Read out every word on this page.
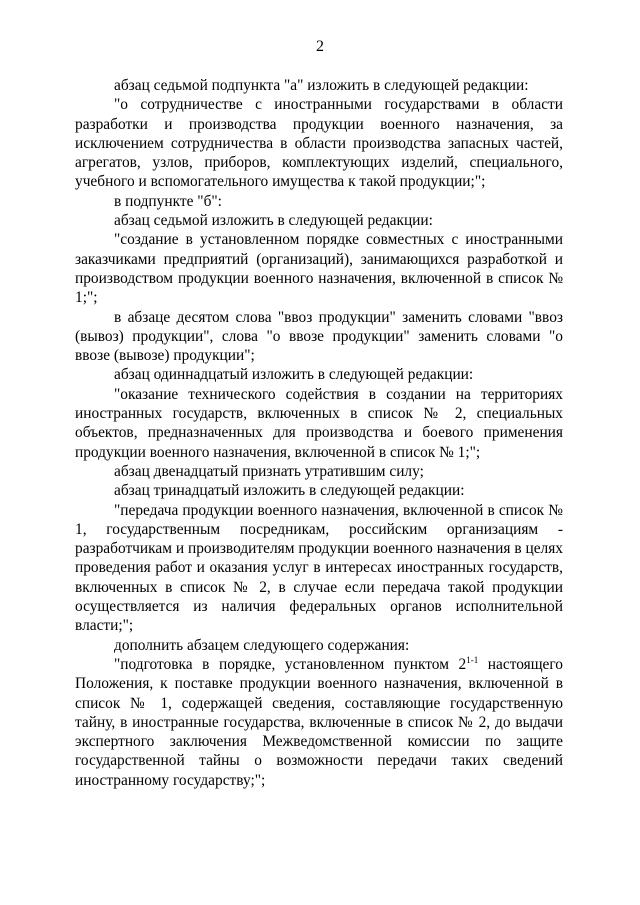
2

абзац седьмой подпункта "а" изложить в следующей редакции:

"о сотрудничестве с иностранными государствами в области разработки и производства продукции военного назначения, за исключением сотрудничества в области производства запасных частей, агрегатов, узлов, приборов, комплектующих изделий, специального, учебного и вспомогательного имущества к такой продукции;";

в подпункте "б":

абзац седьмой изложить в следующей редакции:

"создание в установленном порядке совместных с иностранными заказчиками предприятий (организаций), занимающихся разработкой и производством продукции военного назначения, включенной в список № 1;";

в абзаце десятом слова "ввоз продукции" заменить словами "ввоз (вывоз) продукции", слова "о ввозе продукции" заменить словами "о ввозе (вывозе) продукции";

абзац одиннадцатый изложить в следующей редакции:

"оказание технического содействия в создании на территориях иностранных государств, включенных в список № 2, специальных объектов, предназначенных для производства и боевого применения продукции военного назначения, включенной в список № 1;";

абзац двенадцатый признать утратившим силу;

абзац тринадцатый изложить в следующей редакции:

"передача продукции военного назначения, включенной в список № 1, государственным посредникам, российским организациям - разработчикам и производителям продукции военного назначения в целях проведения работ и оказания услуг в интересах иностранных государств, включенных в список № 2, в случае если передача такой продукции осуществляется из наличия федеральных органов исполнительной власти;";

дополнить абзацем следующего содержания:

"подготовка в порядке, установленном пунктом 2$^{1-1}$ настоящего Положения, к поставке продукции военного назначения, включенной в список № 1, содержащей сведения, составляющие государственную тайну, в иностранные государства, включенные в список № 2, до выдачи экспертного заключения Межведомственной комиссии по защите государственной тайны о возможности передачи таких сведений иностранному государству;";
